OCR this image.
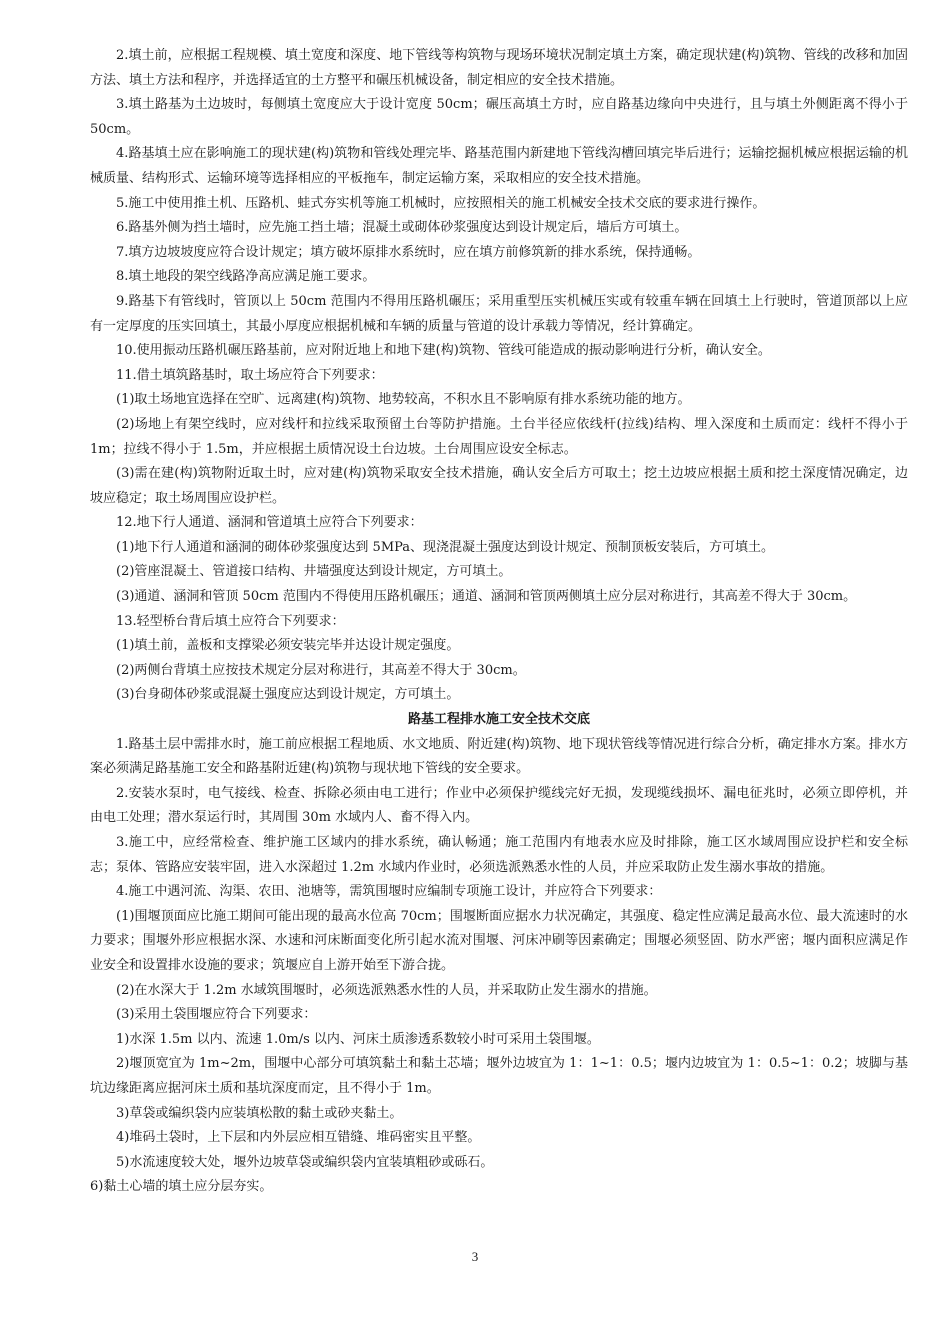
2.填土前，应根据工程规模、填土宽度和深度、地下管线等构筑物与现场环境状况制定填土方案，确定现状建(构)筑物、管线的改移和加固方法、填土方法和程序，并选择适宜的土方整平和碾压机械设备，制定相应的安全技术措施。
3.填土路基为土边坡时，每侧填土宽度应大于设计宽度 50cm；碾压高填土方时，应自路基边缘向中央进行，且与填土外侧距离不得小于 50cm。
4.路基填土应在影响施工的现状建(构)筑物和管线处理完毕、路基范围内新建地下管线沟槽回填完毕后进行；运输挖掘机械应根据运输的机械质量、结构形式、运输环境等选择相应的平板拖车，制定运输方案，采取相应的安全技术措施。
5.施工中使用推土机、压路机、蛙式夯实机等施工机械时，应按照相关的施工机械安全技术交底的要求进行操作。
6.路基外侧为挡土墙时，应先施工挡土墙；混凝土或砌体砂浆强度达到设计规定后，墙后方可填土。
7.填方边坡坡度应符合设计规定；填方破坏原排水系统时，应在填方前修筑新的排水系统，保持通畅。
8.填土地段的架空线路净高应满足施工要求。
9.路基下有管线时，管顶以上 50cm 范围内不得用压路机碾压；采用重型压实机械压实或有较重车辆在回填土上行驶时，管道顶部以上应有一定厚度的压实回填土，其最小厚度应根据机械和车辆的质量与管道的设计承载力等情况，经计算确定。
10.使用振动压路机碾压路基前，应对附近地上和地下建(构)筑物、管线可能造成的振动影响进行分析，确认安全。
11.借土填筑路基时，取土场应符合下列要求：
(1)取土场地宜选择在空旷、远离建(构)筑物、地势较高，不积水且不影响原有排水系统功能的地方。
(2)场地上有架空线时，应对线杆和拉线采取预留土台等防护措施。土台半径应依线杆(拉线)结构、埋入深度和土质而定：线杆不得小于 1m；拉线不得小于 1.5m，并应根据土质情况设土台边坡。土台周围应设安全标志。
(3)需在建(构)筑物附近取土时，应对建(构)筑物采取安全技术措施，确认安全后方可取土；挖土边坡应根据土质和挖土深度情况确定，边坡应稳定；取土场周围应设护栏。
12.地下行人通道、涵洞和管道填土应符合下列要求：
(1)地下行人通道和涵洞的砌体砂浆强度达到 5MPa、现浇混凝土强度达到设计规定、预制顶板安装后，方可填土。
(2)管座混凝土、管道接口结构、井墙强度达到设计规定，方可填土。
(3)通道、涵洞和管顶 50cm 范围内不得使用压路机碾压；通道、涵洞和管顶两侧填土应分层对称进行，其高差不得大于 30cm。
13.轻型桥台背后填土应符合下列要求：
(1)填土前，盖板和支撑梁必须安装完毕并达设计规定强度。
(2)两侧台背填土应按技术规定分层对称进行，其高差不得大于 30cm。
(3)台身砌体砂浆或混凝土强度应达到设计规定，方可填土。
路基工程排水施工安全技术交底
1.路基土层中需排水时，施工前应根据工程地质、水文地质、附近建(构)筑物、地下现状管线等情况进行综合分析，确定排水方案。排水方案必须满足路基施工安全和路基附近建(构)筑物与现状地下管线的安全要求。
2.安装水泵时，电气接线、检查、拆除必须由电工进行；作业中必须保护缆线完好无损，发现缆线损坏、漏电征兆时，必须立即停机，并由电工处理；潜水泵运行时，其周围 30m 水域内人、畜不得入内。
3.施工中，应经常检查、维护施工区域内的排水系统，确认畅通；施工范围内有地表水应及时排除，施工区水域周围应设护栏和安全标志；泵体、管路应安装牢固，进入水深超过 1.2m 水域内作业时，必须选派熟悉水性的人员，并应采取防止发生溺水事故的措施。
4.施工中遇河流、沟渠、农田、池塘等，需筑围堰时应编制专项施工设计，并应符合下列要求：
(1)围堰顶面应比施工期间可能出现的最高水位高 70cm；围堰断面应据水力状况确定，其强度、稳定性应满足最高水位、最大流速时的水力要求；围堰外形应根据水深、水速和河床断面变化所引起水流对围堰、河床冲刷等因素确定；围堰必须竖固、防水严密；堰内面积应满足作业安全和设置排水设施的要求；筑堰应自上游开始至下游合拢。
(2)在水深大于 1.2m 水域筑围堰时，必须选派熟悉水性的人员，并采取防止发生溺水的措施。
(3)采用土袋围堰应符合下列要求：
1)水深 1.5m 以内、流速 1.0m/s 以内、河床土质渗透系数较小时可采用土袋围堰。
2)堰顶宽宜为 1m~2m，围堰中心部分可填筑黏土和黏土芯墙；堰外边坡宜为 1：1~1：0.5；堰内边坡宜为 1：0.5~1：0.2；坡脚与基坑边缘距离应据河床土质和基坑深度而定，且不得小于 1m。
3)草袋或编织袋内应装填松散的黏土或砂夹黏土。
4)堆码土袋时，上下层和内外层应相互错缝、堆码密实且平整。
5)水流速度较大处，堰外边坡草袋或编织袋内宜装填粗砂或砾石。
6)黏土心墙的填土应分层夯实。
3
